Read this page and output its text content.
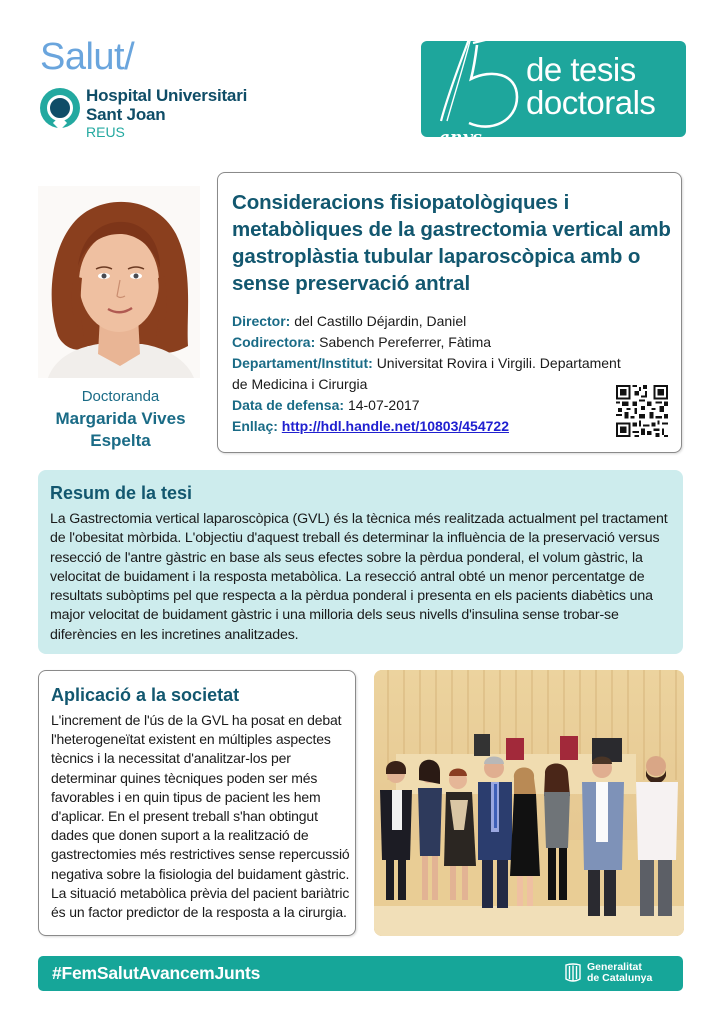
Salut/
Hospital Universitari
Sant Joan
REUS	anys
de tesis
doctorals
Doctoranda
Margarida Vives Espelta
Consideracions fisiopatològiques i metabòliques de la gastrectomia vertical amb gastroplàstia tubular laparoscòpica amb o sense preservació antral
Director: del Castillo Déjardin, Daniel
Codirectora: Sabench Pereferrer, Fàtima
Departament/Institut: Universitat Rovira i Virgili. Departament de Medicina i Cirurgia
Data de defensa: 14-07-2017
Enllaç: http://hdl.handle.net/10803/454722
Resum de la tesi
La Gastrectomia vertical laparoscòpica (GVL) és la tècnica més realitzada actualment pel tractament de l'obesitat mòrbida. L'objectiu d'aquest treball és determinar la influència de la preservació versus resecció de l'antre gàstric en base als seus efectes sobre la pèrdua ponderal, el volum gàstric, la velocitat de buidament i la resposta metabòlica. La resecció antral obté un menor percentatge de resultats subòptims pel que respecta a la pèrdua ponderal i presenta en els pacients diabètics una major velocitat de buidament gàstric i una milloria dels seus nivells d'insulina sense trobar-se diferències en les incretines analitzades.
Aplicació a la societat
L'increment de l'ús de la GVL ha posat en debat l'heterogeneïtat existent en múltiples aspectes tècnics i la necessitat d'analitzar-los per determinar quines tècniques poden ser més favorables i en quin tipus de pacient les hem d'aplicar. En el present treball s'han obtingut dades que donen suport a la realització de gastrectomies més restrictives sense repercussió negativa sobre la fisiologia del buidament gàstric. La situació metabòlica prèvia del pacient bariàtric és un factor predictor de la resposta a la cirurgia.
#FemSalutAvancemJunts	Generalitat
de Catalunya
